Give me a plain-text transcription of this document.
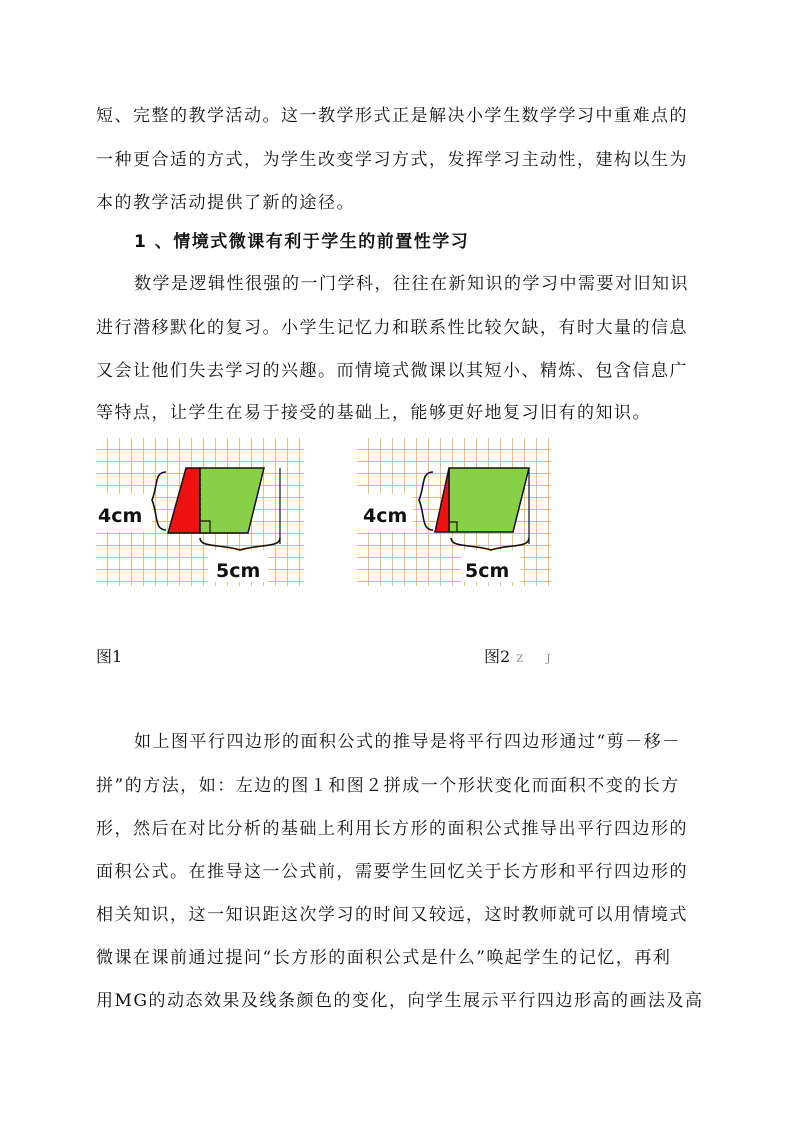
短、完整的教学活动。这一教学形式正是解决小学生数学学习中重难点的
一种更合适的方式，为学生改变学习方式，发挥学习主动性，建构以生为
本的教学活动提供了新的途径。
1 、情境式微课有利于学生的前置性学习
数学是逻辑性很强的一门学科，往往在新知识的学习中需要对旧知识
进行潜移默化的复习。小学生记忆力和联系性比较欠缺，有时大量的信息
又会让他们失去学习的兴趣。而情境式微课以其短小、精炼、包含信息广
等特点，让学生在易于接受的基础上，能够更好地复习旧有的知识。
4cm
5cm
4cm
5cm
图1	图2 Z J
如上图平行四边形的面积公式的推导是将平行四边形通过“剪－移－
拼”的方法，如：左边的图１和图２拼成一个形状变化而面积不变的长方
形，然后在对比分析的基础上利用长方形的面积公式推导出平行四边形的
面积公式。在推导这一公式前，需要学生回忆关于长方形和平行四边形的
相关知识，这一知识距这次学习的时间又较远，这时教师就可以用情境式
微课在课前通过提问“长方形的面积公式是什么”唤起学生的记忆，再利
用MG的动态效果及线条颜色的变化，向学生展示平行四边形高的画法及高
